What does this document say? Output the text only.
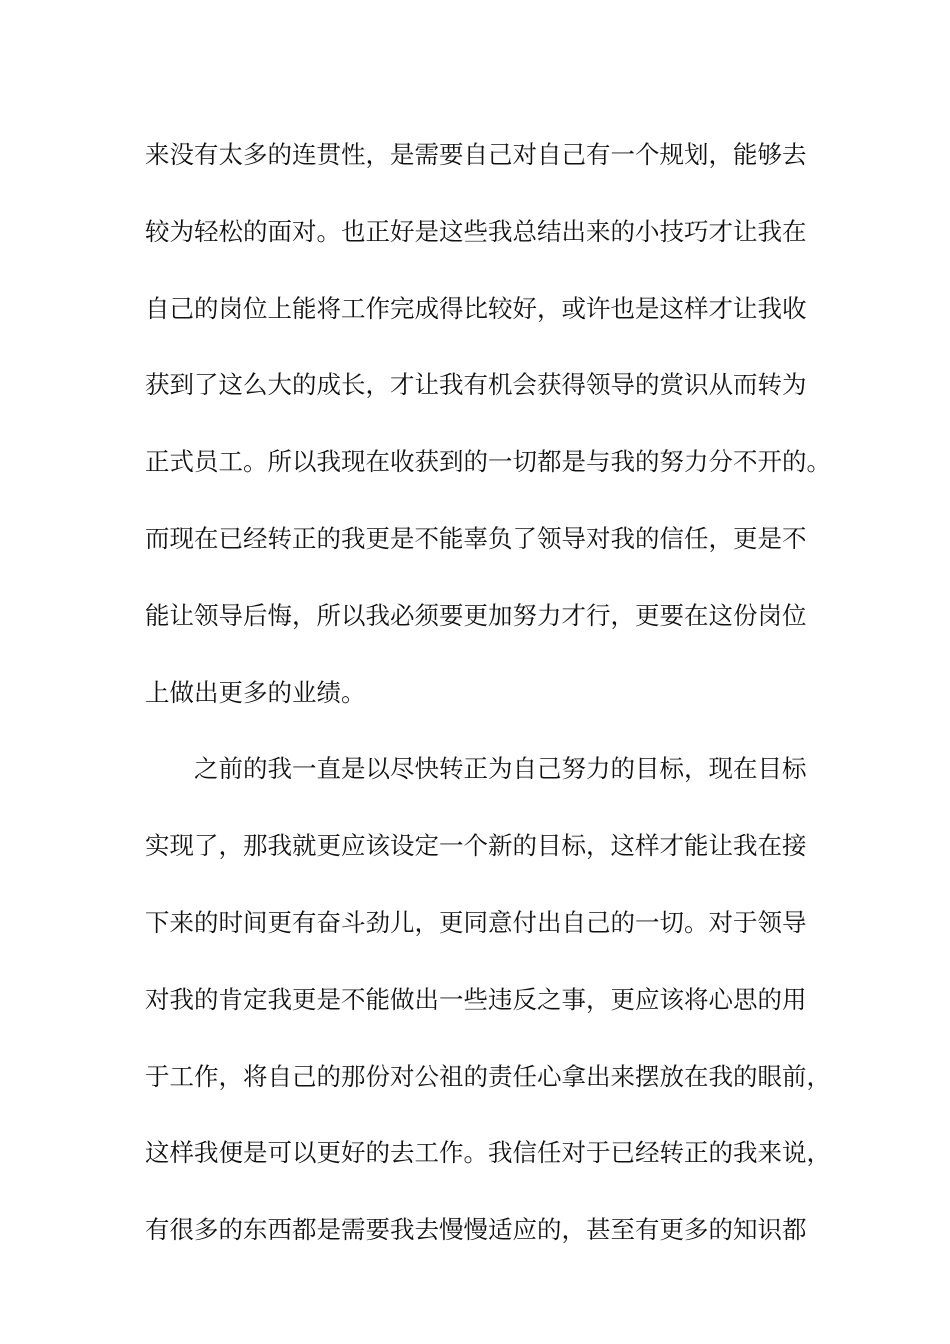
来没有太多的连贯性，是需要自己对自己有一个规划，能够去
较为轻松的面对。也正好是这些我总结出来的小技巧才让我在
自己的岗位上能将工作完成得比较好，或许也是这样才让我收
获到了这么大的成长，才让我有机会获得领导的赏识从而转为
正式员工。所以我现在收获到的一切都是与我的努力分不开的。
而现在已经转正的我更是不能辜负了领导对我的信任，更是不
能让领导后悔，所以我必须要更加努力才行，更要在这份岗位
上做出更多的业绩。
之前的我一直是以尽快转正为自己努力的目标，现在目标
实现了，那我就更应该设定一个新的目标，这样才能让我在接
下来的时间更有奋斗劲儿，更同意付出自己的一切。对于领导
对我的肯定我更是不能做出一些违反之事，更应该将心思的用
于工作，将自己的那份对公祖的责任心拿出来摆放在我的眼前，
这样我便是可以更好的去工作。我信任对于已经转正的我来说，
有很多的东西都是需要我去慢慢适应的，甚至有更多的知识都
